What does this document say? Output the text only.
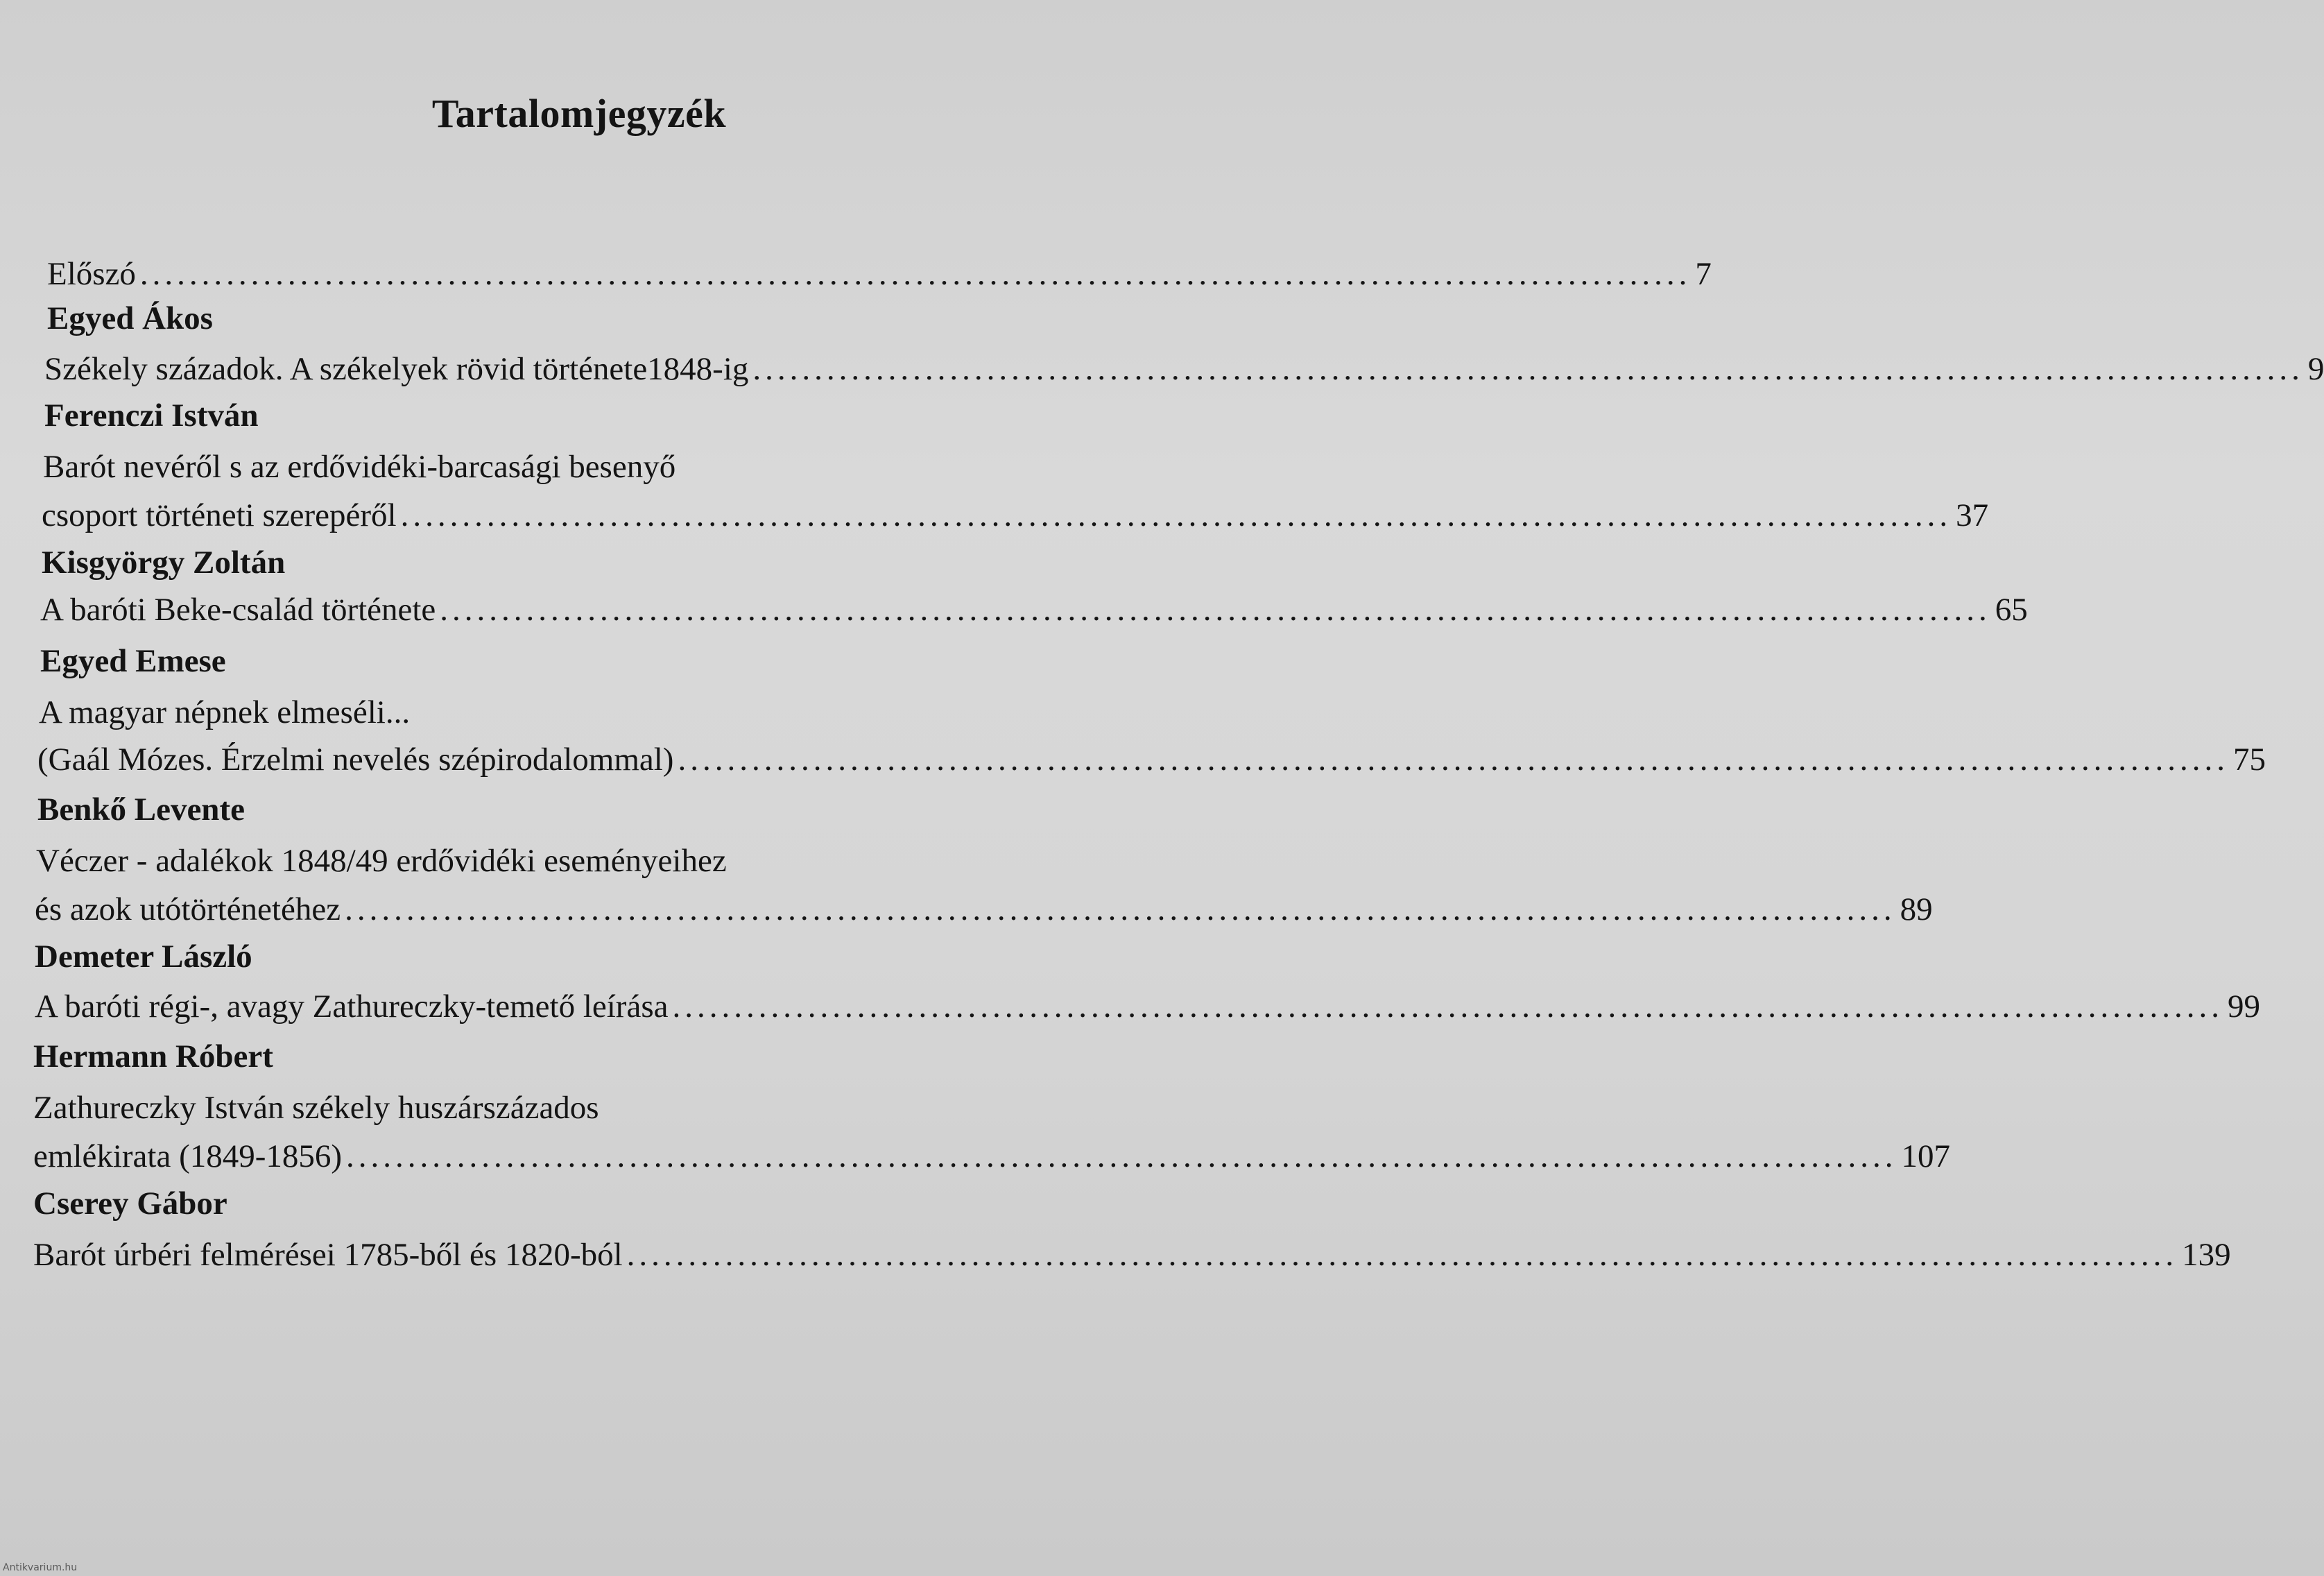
Tartalomjegyzék
Előszó .............................................................................................................................. 7
Egyed Ákos
Székely századok. A székelyek rövid története1848-ig .............................................................................................................................. 9
Ferenczi István
Barót nevéről s az erdővidéki-barcasági besenyő
csoport történeti szerepéről .............................................................................................................................. 37
Kisgyörgy Zoltán
A baróti Beke-család története .............................................................................................................................. 65
Egyed Emese
A magyar népnek elmeséli...
(Gaál Mózes. Érzelmi nevelés szépirodalommal) .............................................................................................................................. 75
Benkő Levente
Véczer - adalékok 1848/49 erdővidéki eseményeihez
és azok utótörténetéhez .............................................................................................................................. 89
Demeter László
A baróti régi-, avagy Zathureczky-temető leírása .............................................................................................................................. 99
Hermann Róbert
Zathureczky István székely huszárszázados
emlékirata (1849-1856) .............................................................................................................................. 107
Cserey Gábor
Barót úrbéri felmérései 1785-ből és 1820-ból .............................................................................................................................. 139
Antikvarium.hu
